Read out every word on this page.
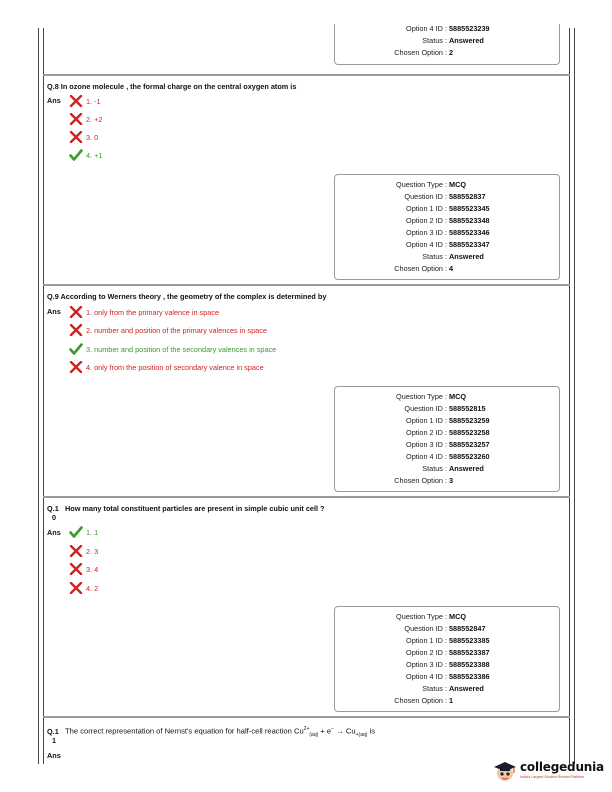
Option 4 ID : 5885523239
Status : Answered
Chosen Option : 2
Q.8 In ozone molecule , the formal charge on the central oxygen atom is
Ans	1. -1
2. +2
3. 0
4. +1
Question Type : MCQ
Question ID : 588552837
Option 1 ID : 5885523345
Option 2 ID : 5885523348
Option 3 ID : 5885523346
Option 4 ID : 5885523347
Status : Answered
Chosen Option : 4
Q.9 According to Werners theory , the geometry of the complex is determined by
Ans	1. only from the primary valence in space
2. number and position of the primary valences in space
3. number and position of the secondary valences in space
4. only from the position of secondary valence in space
Question Type : MCQ
Question ID : 588552815
Option 1 ID : 5885523259
Option 2 ID : 5885523258
Option 3 ID : 5885523257
Option 4 ID : 5885523260
Status : Answered
Chosen Option : 3
Q.1
0
How many total constituent particles are present in simple cubic unit cell ?
Ans	1. 1
2. 3
3. 4
4. 2
Question Type : MCQ
Question ID : 588552847
Option 1 ID : 5885523385
Option 2 ID : 5885523387
Option 3 ID : 5885523388
Option 4 ID : 5885523386
Status : Answered
Chosen Option : 1
Q.1
1
The correct representation of Nernst's equation for half-cell reaction $Cu^{2+}_{(aq)} + e^- \to Cu_{+(aq)}$ is
Ans
collegedunia
India's Largest Student Review Platform
